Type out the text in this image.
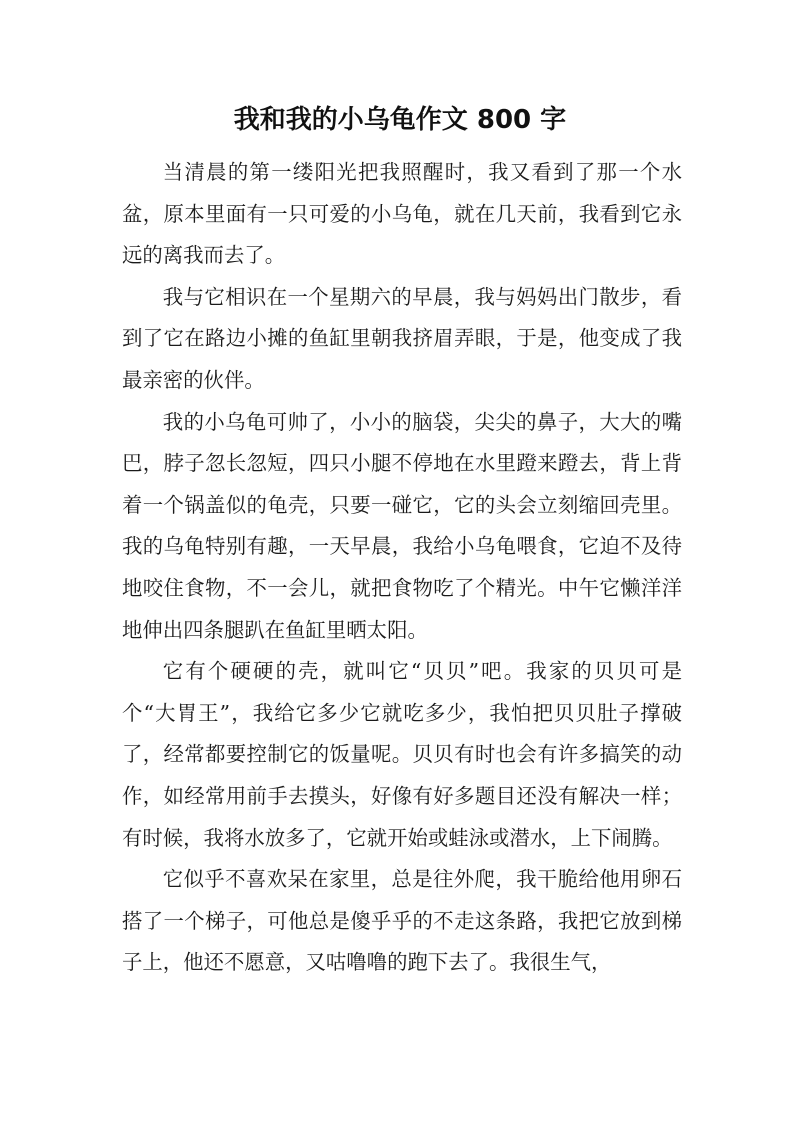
我和我的小乌龟作文 800 字

当清晨的第一缕阳光把我照醒时，我又看到了那一个水盆，原本里面有一只可爱的小乌龟，就在几天前，我看到它永远的离我而去了。

我与它相识在一个星期六的早晨，我与妈妈出门散步，看到了它在路边小摊的鱼缸里朝我挤眉弄眼，于是，他变成了我最亲密的伙伴。

我的小乌龟可帅了，小小的脑袋，尖尖的鼻子，大大的嘴巴，脖子忽长忽短，四只小腿不停地在水里蹬来蹬去，背上背着一个锅盖似的龟壳，只要一碰它，它的头会立刻缩回壳里。我的乌龟特别有趣，一天早晨，我给小乌龟喂食，它迫不及待地咬住食物，不一会儿，就把食物吃了个精光。中午它懒洋洋地伸出四条腿趴在鱼缸里晒太阳。

它有个硬硬的壳，就叫它“贝贝”吧。我家的贝贝可是个“大胃王”，我给它多少它就吃多少，我怕把贝贝肚子撑破了，经常都要控制它的饭量呢。贝贝有时也会有许多搞笑的动作，如经常用前手去摸头，好像有好多题目还没有解决一样；有时候，我将水放多了，它就开始或蛙泳或潜水，上下闹腾。

它似乎不喜欢呆在家里，总是往外爬，我干脆给他用卵石搭了一个梯子，可他总是傻乎乎的不走这条路，我把它放到梯子上，他还不愿意，又咕噜噜的跑下去了。我很生气，
